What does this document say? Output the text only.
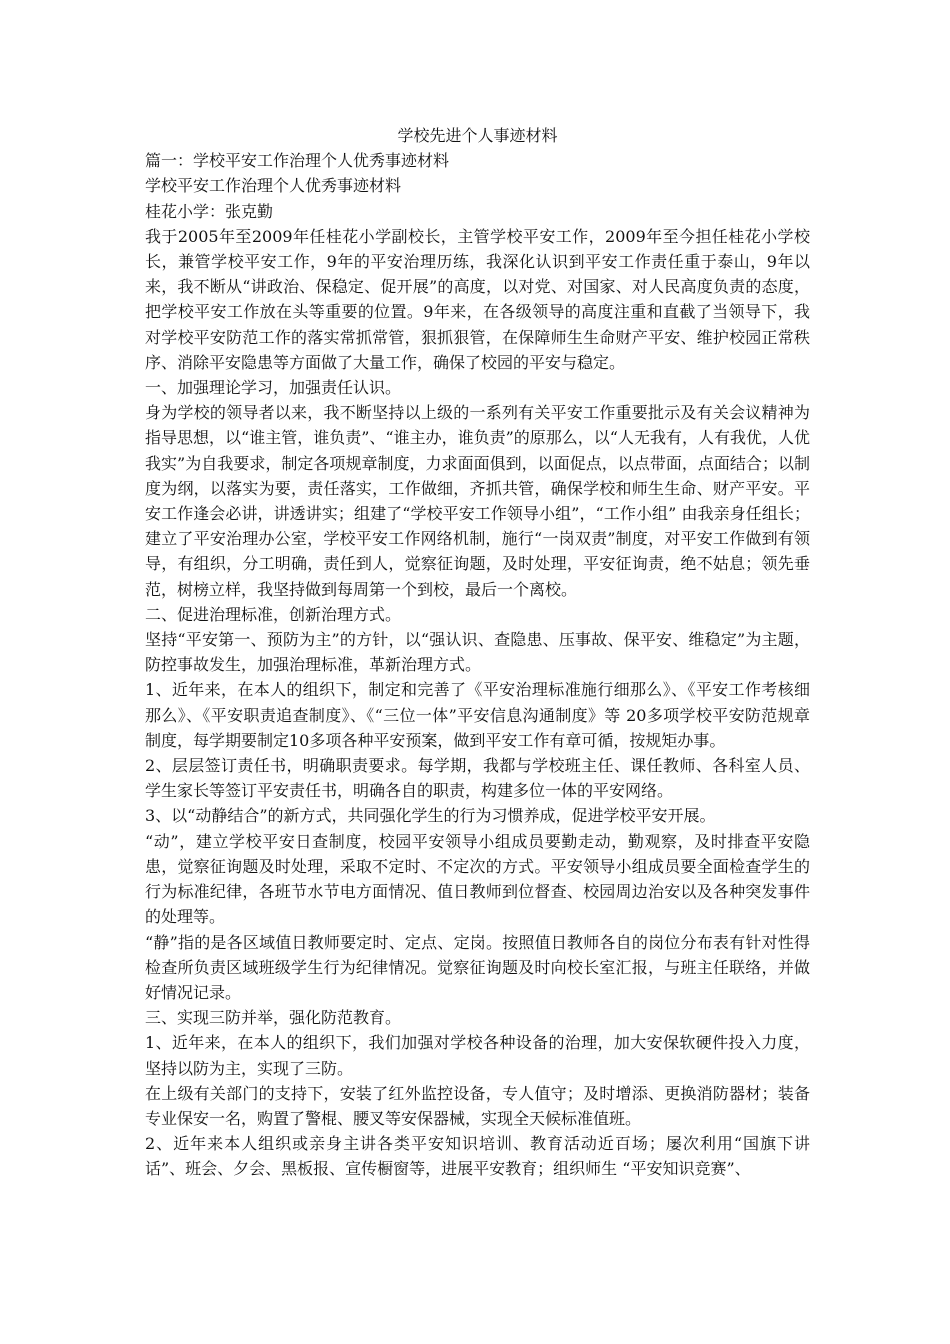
学校先进个人事迹材料

篇一：学校平安工作治理个人优秀事迹材料

学校平安工作治理个人优秀事迹材料

桂花小学：张克勤

我于2005年至2009年任桂花小学副校长，主管学校平安工作，2009年至今担任桂花小学校长，兼管学校平安工作，9年的平安治理历练，我深化认识到平安工作责任重于泰山，9年以来，我不断从“讲政治、保稳定、促开展”的高度，以对党、对国家、对人民高度负责的态度，把学校平安工作放在头等重要的位置。9年来，在各级领导的高度注重和直截了当领导下，我对学校平安防范工作的落实常抓常管，狠抓狠管，在保障师生生命财产平安、维护校园正常秩序、消除平安隐患等方面做了大量工作，确保了校园的平安与稳定。

一、加强理论学习，加强责任认识。

身为学校的领导者以来，我不断坚持以上级的一系列有关平安工作重要批示及有关会议精神为指导思想，以“谁主管，谁负责”、“谁主办，谁负责”的原那么，以“人无我有，人有我优，人优我实”为自我要求，制定各项规章制度，力求面面俱到，以面促点，以点带面，点面结合；以制度为纲，以落实为要，责任落实，工作做细，齐抓共管，确保学校和师生生命、财产平安。平安工作逢会必讲，讲透讲实；组建了“学校平安工作领导小组”，“工作小组” 由我亲身任组长；建立了平安治理办公室，学校平安工作网络机制，施行“一岗双责”制度，对平安工作做到有领导，有组织，分工明确，责任到人，觉察征询题，及时处理，平安征询责，绝不姑息；领先垂范，树榜立样，我坚持做到每周第一个到校，最后一个离校。

二、促进治理标准，创新治理方式。

坚持“平安第一、预防为主”的方针，以“强认识、查隐患、压事故、保平安、维稳定”为主题，防控事故发生，加强治理标准，革新治理方式。

1、近年来，在本人的组织下，制定和完善了《平安治理标准施行细那么》、《平安工作考核细那么》、《平安职责追查制度》、《“三位一体”平安信息沟通制度》等 20多项学校平安防范规章制度，每学期要制定10多项各种平安预案，做到平安工作有章可循，按规矩办事。

2、层层签订责任书，明确职责要求。每学期，我都与学校班主任、课任教师、各科室人员、学生家长等签订平安责任书，明确各自的职责，构建多位一体的平安网络。

3、以“动静结合”的新方式，共同强化学生的行为习惯养成，促进学校平安开展。

“动”，建立学校平安日查制度，校园平安领导小组成员要勤走动，勤观察，及时排查平安隐患，觉察征询题及时处理，采取不定时、不定次的方式。平安领导小组成员要全面检查学生的行为标准纪律，各班节水节电方面情况、值日教师到位督查、校园周边治安以及各种突发事件的处理等。

“静”指的是各区域值日教师要定时、定点、定岗。按照值日教师各自的岗位分布表有针对性得检查所负责区域班级学生行为纪律情况。觉察征询题及时向校长室汇报，与班主任联络，并做好情况记录。

三、实现三防并举，强化防范教育。

1、近年来，在本人的组织下，我们加强对学校各种设备的治理，加大安保软硬件投入力度，坚持以防为主，实现了三防。

在上级有关部门的支持下，安装了红外监控设备，专人值守；及时增添、更换消防器材；装备专业保安一名，购置了警棍、腰叉等安保器械，实现全天候标准值班。

2、近年来本人组织或亲身主讲各类平安知识培训、教育活动近百场；屡次利用“国旗下讲话”、班会、夕会、黑板报、宣传橱窗等，进展平安教育；组织师生 “平安知识竞赛”、
